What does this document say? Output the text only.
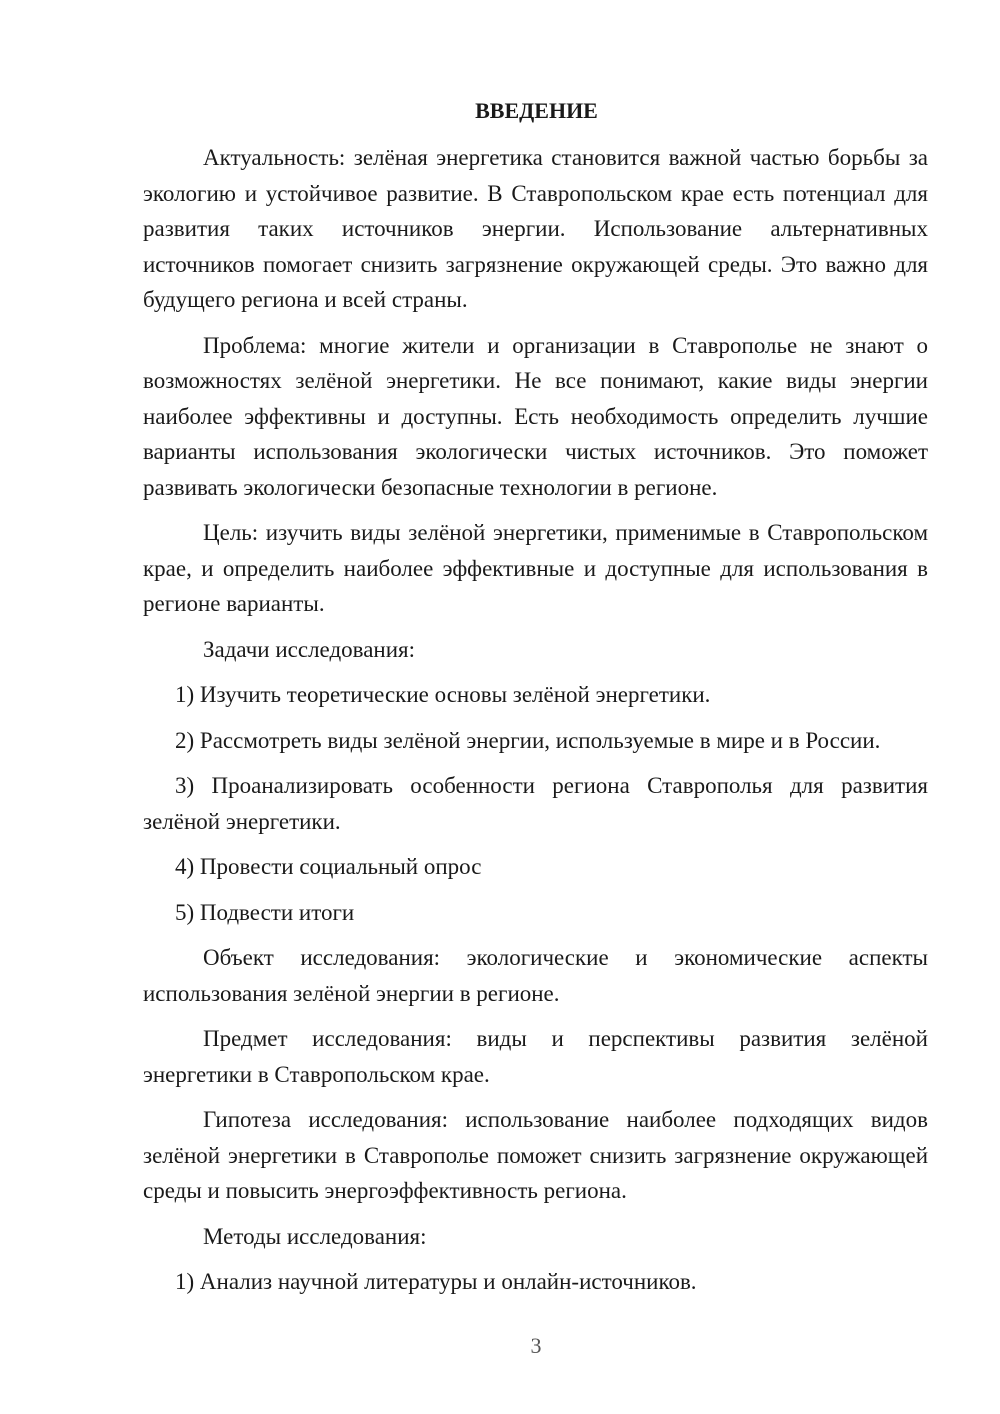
ВВЕДЕНИЕ

Актуальность: зелёная энергетика становится важной частью борьбы за экологию и устойчивое развитие. В Ставропольском крае есть потенциал для развития таких источников энергии. Использование альтернативных источников помогает снизить загрязнение окружающей среды. Это важно для будущего региона и всей страны.

Проблема: многие жители и организации в Ставрополье не знают о возможностях зелёной энергетики. Не все понимают, какие виды энергии наиболее эффективны и доступны. Есть необходимость определить лучшие варианты использования экологически чистых источников. Это поможет развивать экологически безопасные технологии в регионе.

Цель: изучить виды зелёной энергетики, применимые в Ставропольском крае, и определить наиболее эффективные и доступные для использования в регионе варианты.

Задачи исследования:

1) Изучить теоретические основы зелёной энергетики.

2) Рассмотреть виды зелёной энергии, используемые в мире и в России.

3) Проанализировать особенности региона Ставрополья для развития зелёной энергетики.

4) Провести социальный опрос

5) Подвести итоги

Объект исследования: экологические и экономические аспекты использования зелёной энергии в регионе.

Предмет исследования: виды и перспективы развития зелёной энергетики в Ставропольском крае.

Гипотеза исследования: использование наиболее подходящих видов зелёной энергетики в Ставрополье поможет снизить загрязнение окружающей среды и повысить энергоэффективность региона.

Методы исследования:

1) Анализ научной литературы и онлайн-источников.

3
